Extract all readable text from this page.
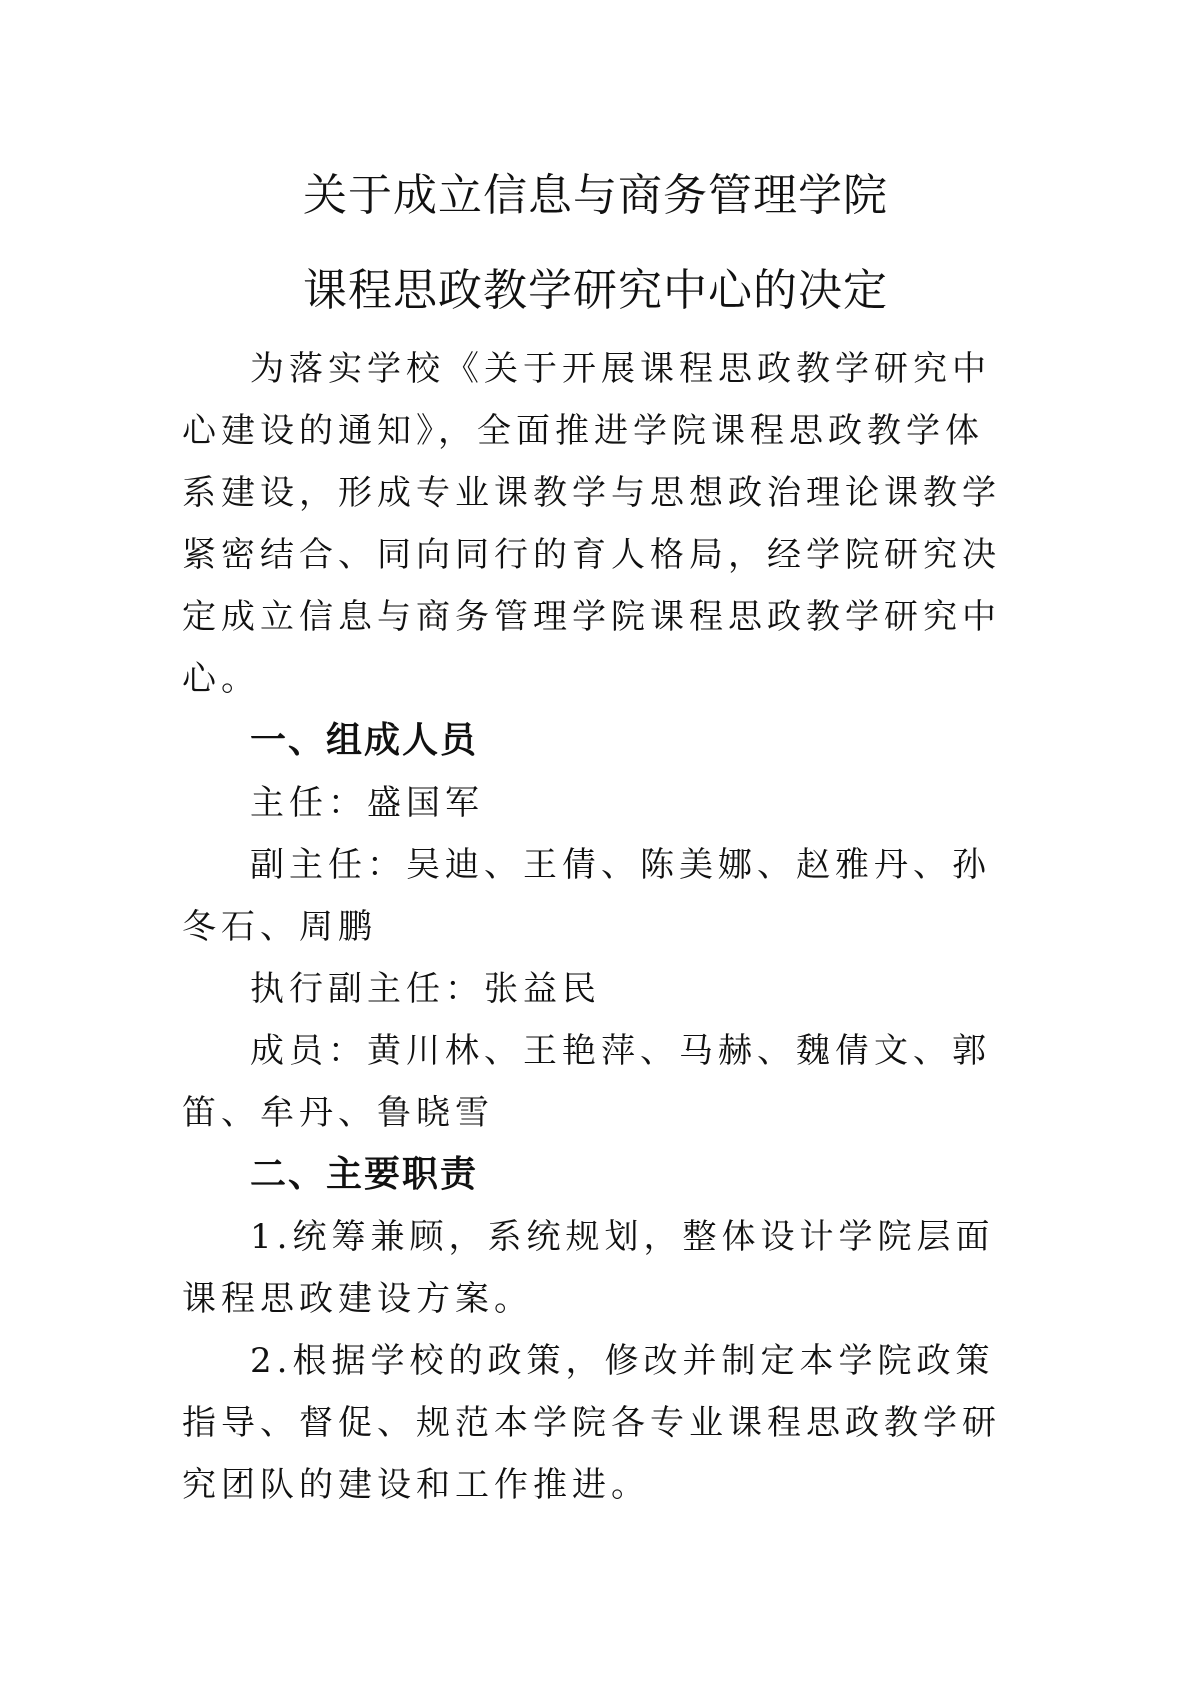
关于成立信息与商务管理学院
课程思政教学研究中心的决定

为落实学校《关于开展课程思政教学研究中心建设的通知》，全面推进学院课程思政教学体系建设，形成专业课教学与思想政治理论课教学紧密结合、同向同行的育人格局，经学院研究决定成立信息与商务管理学院课程思政教学研究中心。

一、组成人员

主任：盛国军

副主任：吴迪、王倩、陈美娜、赵雅丹、孙冬石、周鹏

执行副主任：张益民

成员：黄川林、王艳萍、马赫、魏倩文、郭笛、牟丹、鲁晓雪

二、主要职责

1.统筹兼顾，系统规划，整体设计学院层面课程思政建设方案。

2.根据学校的政策，修改并制定本学院政策指导、督促、规范本学院各专业课程思政教学研究团队的建设和工作推进。
